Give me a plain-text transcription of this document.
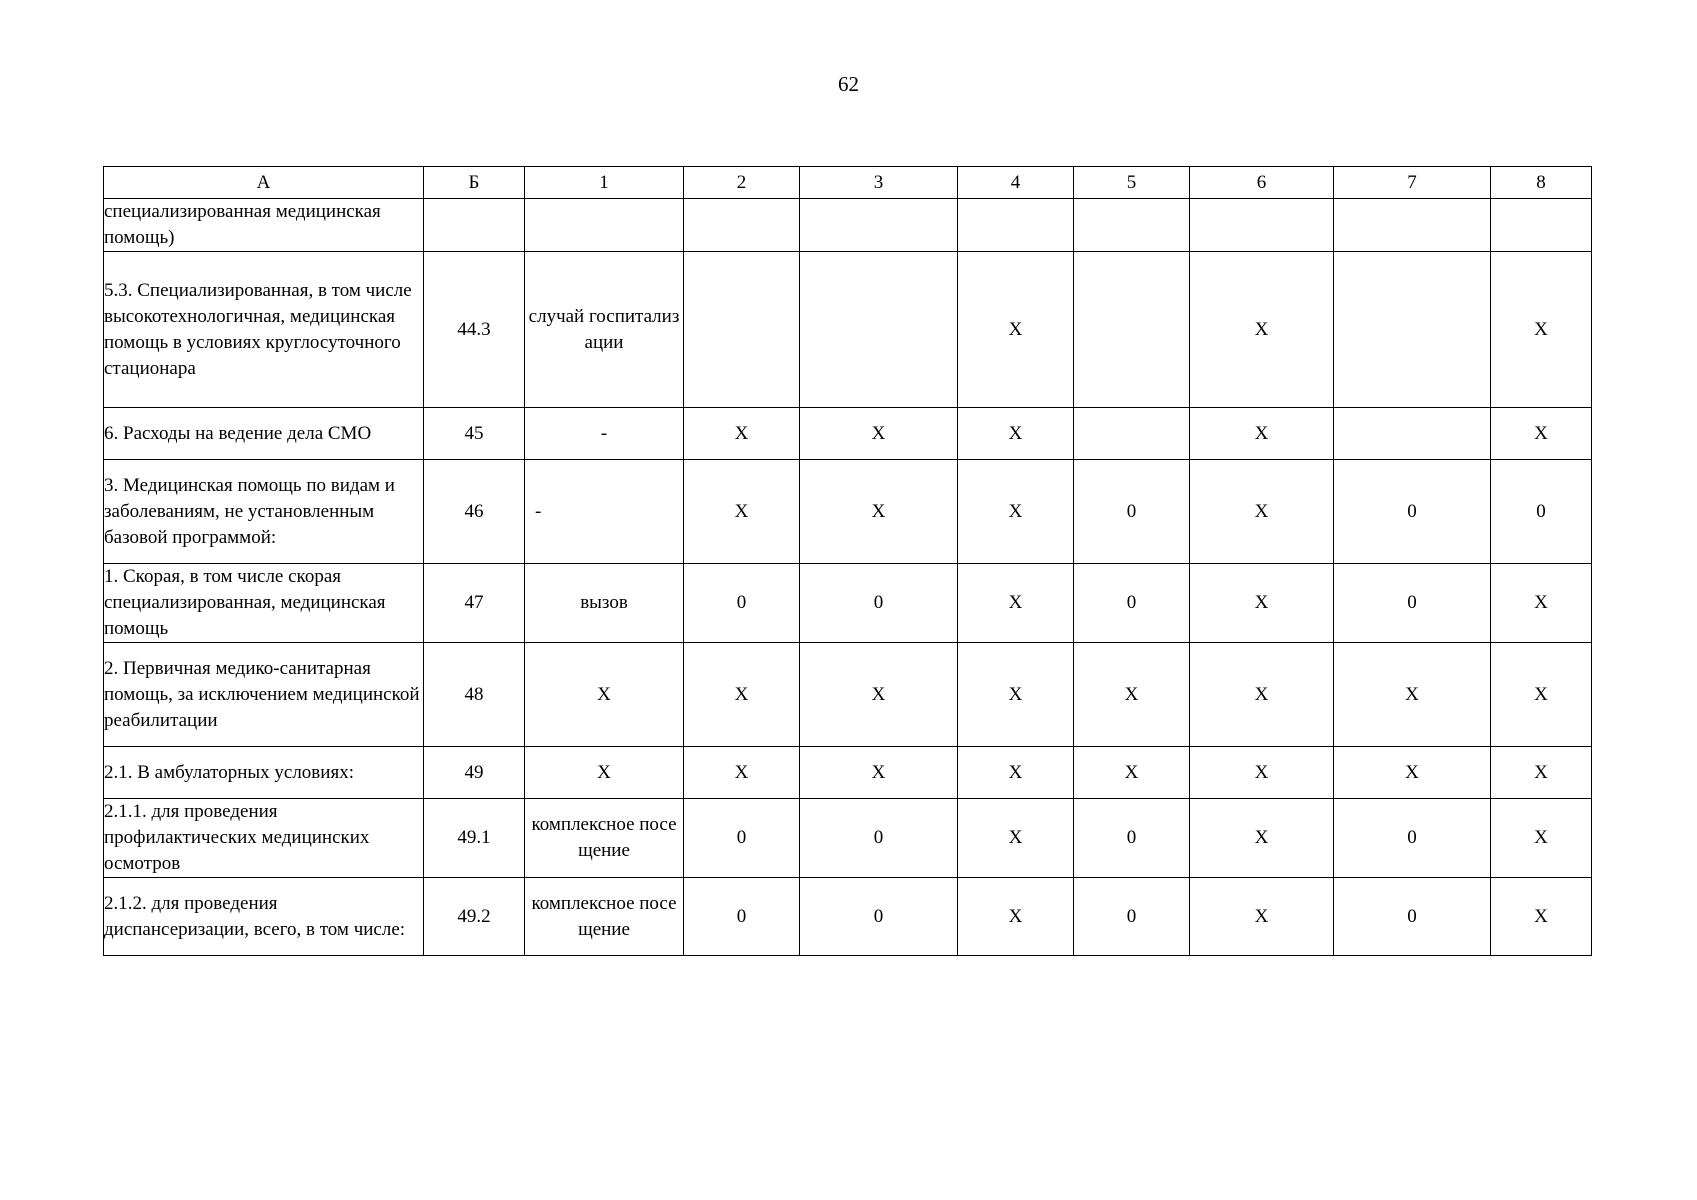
62
А	Б	1	2	3	4	5	6	7	8
специализированная медицинская помощь)									
5.3. Специализированная, в том числе высокотехнологичная, медицинская помощь в условиях круглосуточного стационара	44.3	случай госпитализации			Х		Х		Х
6. Расходы на ведение дела СМО	45	-	Х	Х	Х		Х		Х
3. Медицинская помощь по видам и заболеваниям, не установленным базовой программой:	46	-	Х	Х	Х	0	Х	0	0
1. Скорая, в том числе скорая специализированная, медицинская помощь	47	вызов	0	0	Х	0	Х	0	Х
2. Первичная медико-санитарная помощь, за исключением медицинской реабилитации	48	Х	Х	Х	Х	Х	Х	Х	Х
2.1. В амбулаторных условиях:	49	Х	Х	Х	Х	Х	Х	Х	Х
2.1.1. для проведения профилактических медицинских осмотров	49.1	комплексное посещение	0	0	Х	0	Х	0	Х
2.1.2. для проведения диспансеризации, всего, в том числе:	49.2	комплексное посещение	0	0	Х	0	Х	0	Х
